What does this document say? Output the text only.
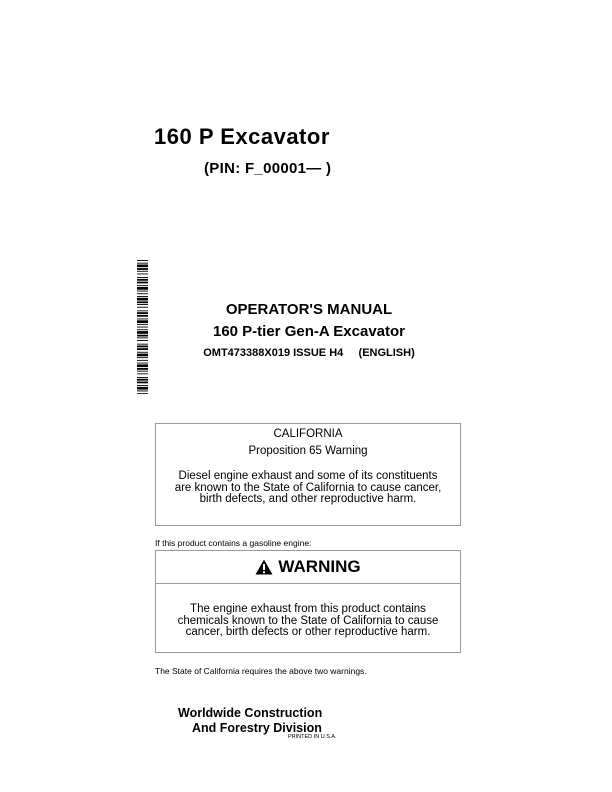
160 P Excavator
(PIN: F_00001— )
OPERATOR'S MANUAL
160 P-tier Gen-A Excavator
OMT473388X019 ISSUE H4     (ENGLISH)
CALIFORNIA
Proposition 65 Warning
Diesel engine exhaust and some of its constituents
are known to the State of California to cause cancer,
birth defects, and other reproductive harm.
If this product contains a gasoline engine:
WARNING
The engine exhaust from this product contains
chemicals known to the State of California to cause
cancer, birth defects or other reproductive harm.
The State of California requires the above two warnings.
Worldwide Construction
And Forestry Division
PRINTED IN U.S.A.
